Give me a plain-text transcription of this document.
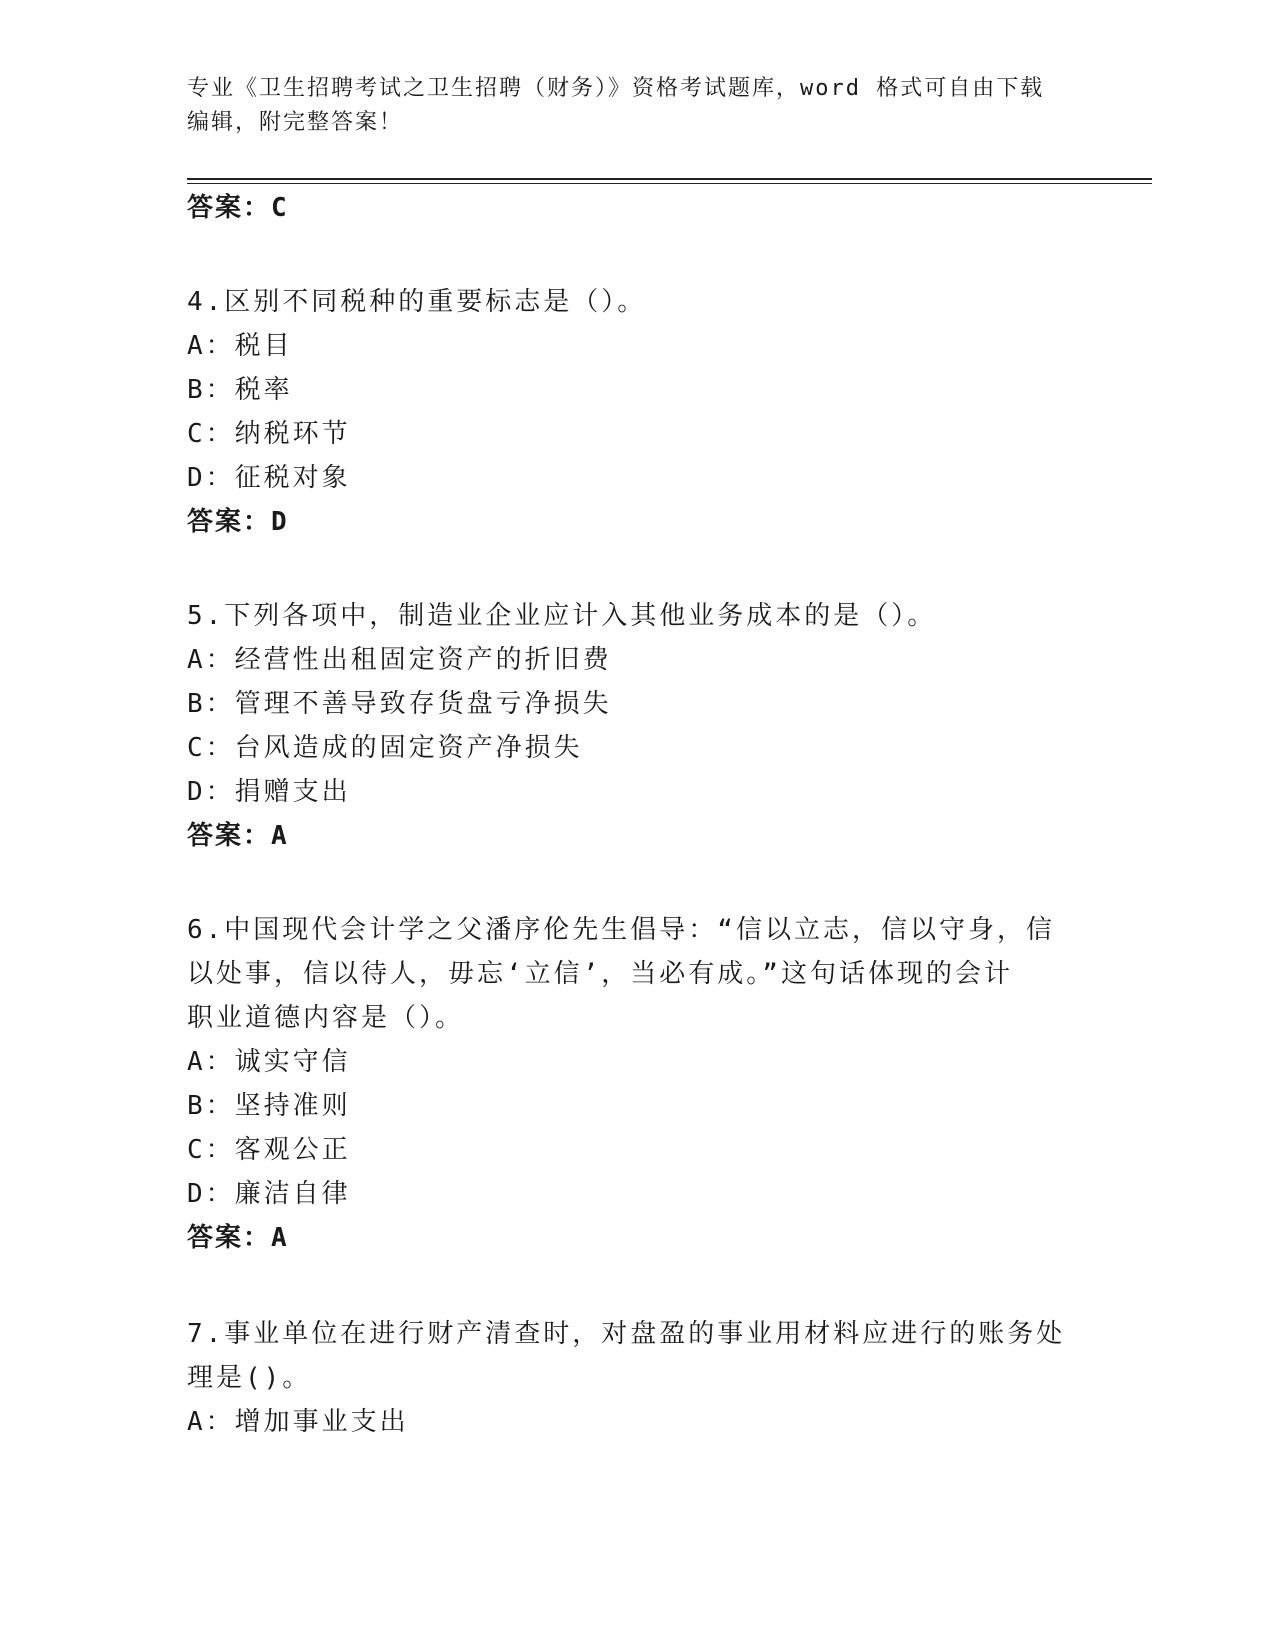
专业《卫生招聘考试之卫生招聘（财务）》资格考试题库，word 格式可自由下载
编辑，附完整答案！
答案：C
4.区别不同税种的重要标志是（）。
A：税目
B：税率
C：纳税环节
D：征税对象
答案：D
5.下列各项中，制造业企业应计入其他业务成本的是（）。
A：经营性出租固定资产的折旧费
B：管理不善导致存货盘亏净损失
C：台风造成的固定资产净损失
D：捐赠支出
答案：A
6.中国现代会计学之父潘序伦先生倡导：“信以立志，信以守身，信
以处事，信以待人，毋忘‘立信’，当必有成。”这句话体现的会计
职业道德内容是（）。
A：诚实守信
B：坚持准则
C：客观公正
D：廉洁自律
答案：A
7.事业单位在进行财产清查时，对盘盈的事业用材料应进行的账务处
理是()。
A：增加事业支出
